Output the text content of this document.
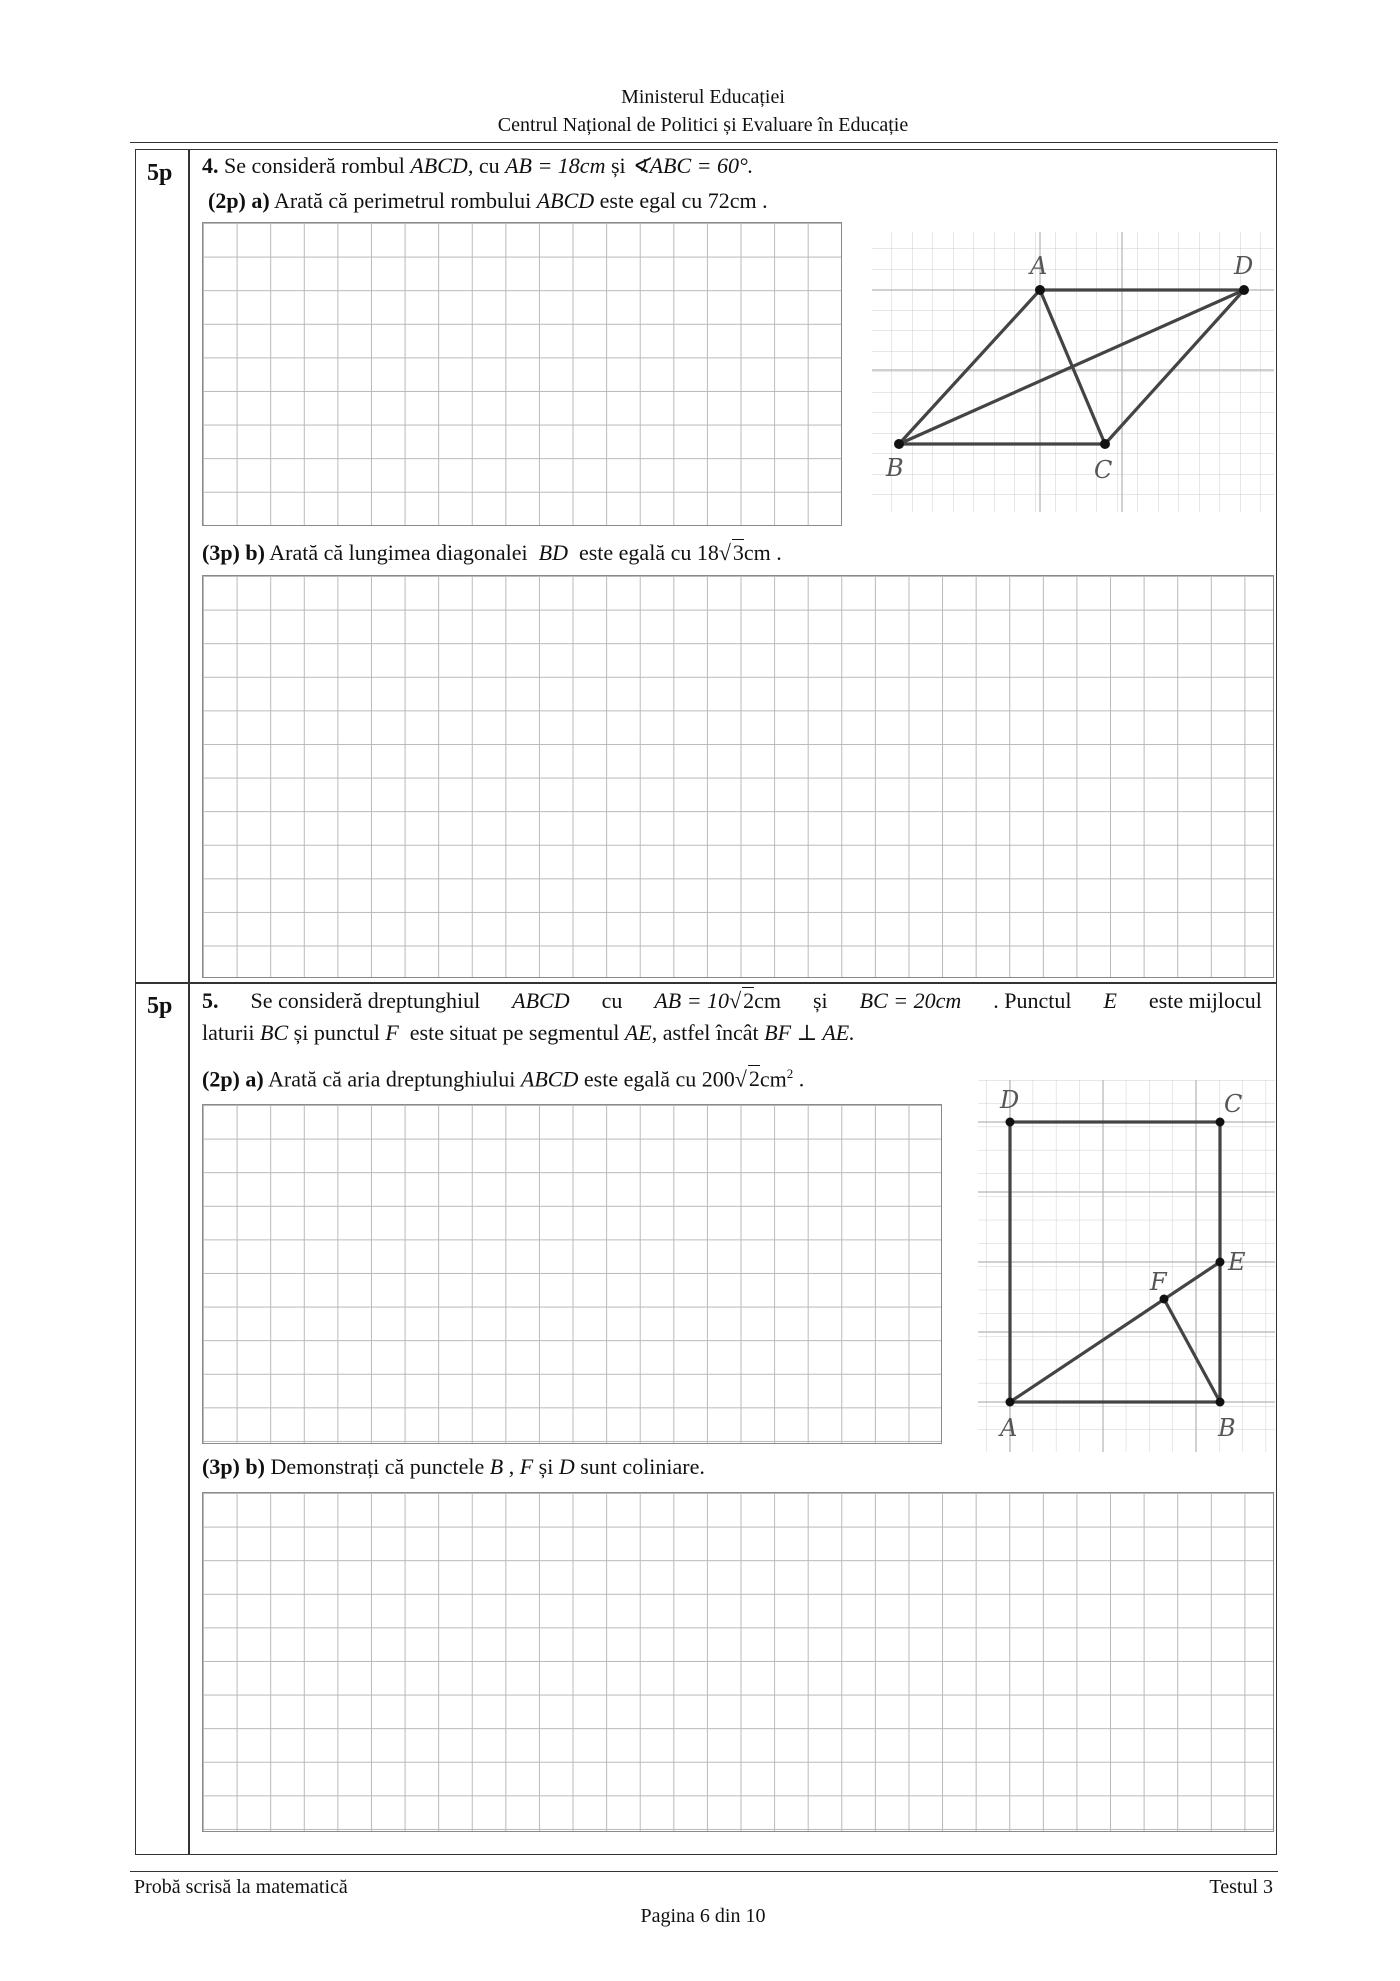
Ministerul Educației
Centrul Național de Politici și Evaluare în Educație
5p 4. Se consideră rombul ABCD, cu AB = 18cm și ∢ABC = 60°.
(2p) a) Arată că perimetrul rombului ABCD este egal cu 72cm .
A	D
B	C
(3p) b) Arată că lungimea diagonalei BD este egală cu 18√3cm .
5p 5. Se consideră dreptunghiul ABCD cu AB = 10√2cm și BC = 20cm . Punctul E este mijlocul
laturii BC și punctul F este situat pe segmentul AE, astfel încât BF ⊥ AE.
(2p) a) Arată că aria dreptunghiului ABCD este egală cu $200√2cm^2$ .
D	C
E
F
A	B
(3p) b) Demonstrați că punctele B , F și D sunt coliniare.
Probă scrisă la matematică	Testul 3
Pagina 6 din 10
